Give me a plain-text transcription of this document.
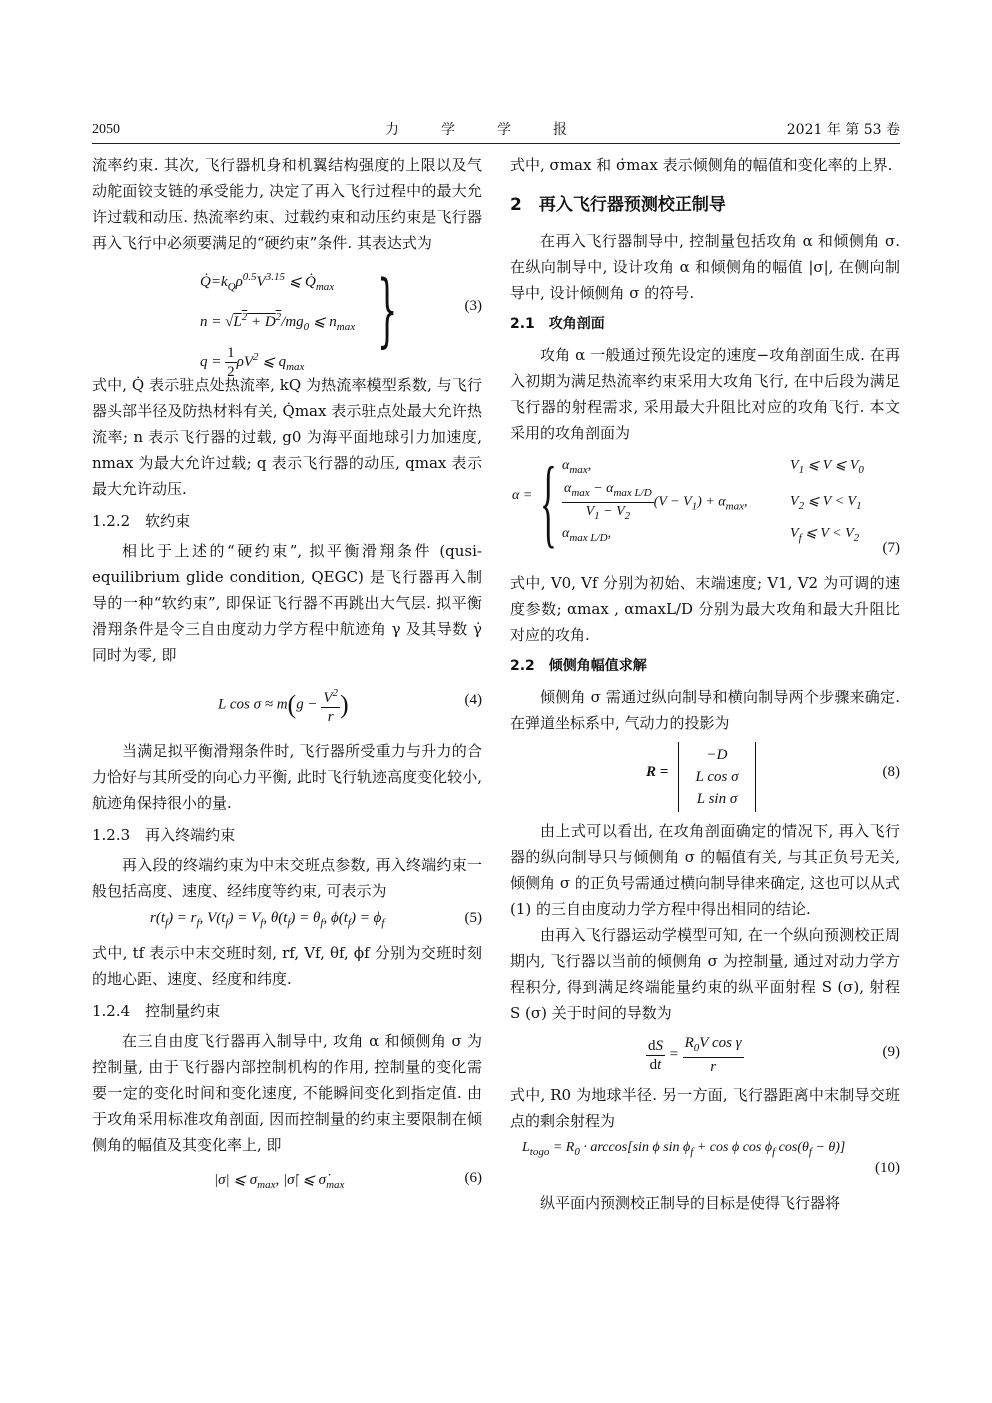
2050	力学学报	2021 年 第 53 卷

流率约束. 其次, 飞行器机身和机翼结构强度的上限以及气动舵面铰支链的承受能力, 决定了再入飞行过程中的最大允许过载和动压. 热流率约束、过载约束和动压约束是飞行器再入飞行中必须要满足的“硬约束”条件. 其表达式为

$Q̇=k_Q\rho^{0.5}V^{3.15}$ ⩽ $Q̇_{max}$
$n = √L^2 + D^2/mg_0$ ⩽ $n_{max}$
$q = \frac{1}{2} \rho V^2$ ⩽ $q_{max}$
}	(3)

式中, Q̇ 表示驻点处热流率, kQ 为热流率模型系数, 与飞行器头部半径及防热材料有关, Q̇max 表示驻点处最大允许热流率; n 表示飞行器的过载, g0 为海平面地球引力加速度, nmax 为最大允许过载; q 表示飞行器的动压, qmax 表示最大允许动压.

1.2.2　软约束

相比于上述的“硬约束”, 拟平衡滑翔条件 (qusi-equilibrium glide condition, QEGC) 是飞行器再入制导的一种“软约束”, 即保证飞行器不再跳出大气层. 拟平衡滑翔条件是令三自由度动力学方程中航迹角 γ 及其导数 γ̇ 同时为零, 即

L $\cos \sigma \approx m(g - \frac{V^2}{r}$ )	(4)

当满足拟平衡滑翔条件时, 飞行器所受重力与升力的合力恰好与其所受的向心力平衡, 此时飞行轨迹高度变化较小, 航迹角保持很小的量.

1.2.3　再入终端约束

再入段的终端约束为中末交班点参数, 再入终端约束一般包括高度、速度、经纬度等约束, 可表示为

$r(t_f) = r_f$, $V(t_f) = V_f$, $\theta(t_f) = \theta_f$, $\phi(t_f) = \phi_f$	(5)

式中, tf 表示中末交班时刻, rf, Vf, θf, ϕf 分别为交班时刻的地心距、速度、经度和纬度.

1.2.4　控制量约束

在三自由度飞行器再入制导中, 攻角 α 和倾侧角 σ 为控制量, 由于飞行器内部控制机构的作用, 控制量的变化需要一定的变化时间和变化速度, 不能瞬间变化到指定值. 由于攻角采用标准攻角剖面, 因而控制量的约束主要限制在倾侧角的幅值及其变化率上, 即

|σ| ⩽ $\sigma_{max}$, |σ̇| ⩽ $\sigmȧ_{max}$	(6)

式中, σmax 和 σ̇max 表示倾侧角的幅值和变化率的上界.

2　再入飞行器预测校正制导

在再入飞行器制导中, 控制量包括攻角 α 和倾侧角 σ. 在纵向制导中, 设计攻角 α 和倾侧角的幅值 |σ|, 在侧向制导中, 设计倾侧角 σ 的符号.

2.1　攻角剖面

攻角 α 一般通过预先设定的速度−攻角剖面生成. 在再入初期为满足热流率约束采用大攻角飞行, 在中后段为满足飞行器的射程需求, 采用最大升阻比对应的攻角飞行. 本文采用的攻角剖面为

α = { $\alpha_{max}$,	$V_1$ ⩽ V ⩽ $V_0$
$\frac{\alpha_{max} - \alpha_{max L/D}}{V_1 - V_2} (V - V_1) + \alpha_{max}$,	$V_2$ ⩽ $V < V_1$
$\alpha_{max L/D}$,	$V_f$ ⩽ $V < V_2$
(7)

式中, V0, Vf 分别为初始、末端速度; V1, V2 为可调的速度参数; αmax , αmaxL/D 分别为最大攻角和最大升阻比对应的攻角.

2.2　倾侧角幅值求解

倾侧角 σ 需通过纵向制导和横向制导两个步骤来确定. 在弹道坐标系中, 气动力的投影为

R =
−D
L cos σ
L sin σ
(8)

由上式可以看出, 在攻角剖面确定的情况下, 再入飞行器的纵向制导只与倾侧角 σ 的幅值有关, 与其正负号无关, 倾侧角 σ 的正负号需通过横向制导律来确定, 这也可以从式 (1) 的三自由度动力学方程中得出相同的结论.

由再入飞行器运动学模型可知, 在一个纵向预测校正周期内, 飞行器以当前的倾侧角 σ 为控制量, 通过对动力学方程积分, 得到满足终端能量约束的纵平面射程 S (σ), 射程 S (σ) 关于时间的导数为

$\frac{dS}{dt} = \frac{R_0V \cos \gamma}{r}$	(9)

式中, R0 为地球半径. 另一方面, 飞行器距离中末制导交班点的剩余射程为

$L_{togo} = R_0 \cdot \arccos[\sin$ ϕ $\sin \phi_f + \cos \phi$ $\cos \phi_f$ $\cos(\theta_f - \theta)$]
(10)

纵平面内预测校正制导的目标是使得飞行器将
